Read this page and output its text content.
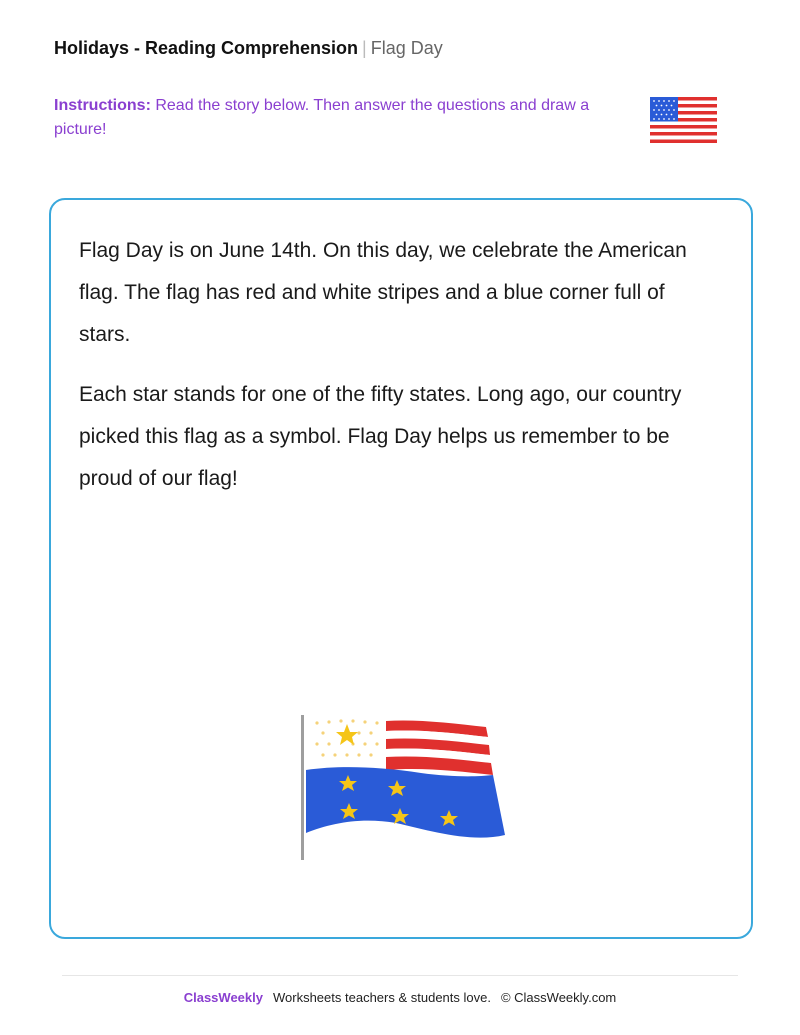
Holidays - Reading Comprehension | Flag Day
Instructions: Read the story below. Then answer the questions and draw a picture!

Flag Day is on June 14th. On this day, we celebrate the American flag. The flag has red and white stripes and a blue corner full of stars.

Each star stands for one of the fifty states. Long ago, our country picked this flag as a symbol. Flag Day helps us remember to be proud of our flag!

ClassWeekly Worksheets teachers & students love. © ClassWeekly.com
